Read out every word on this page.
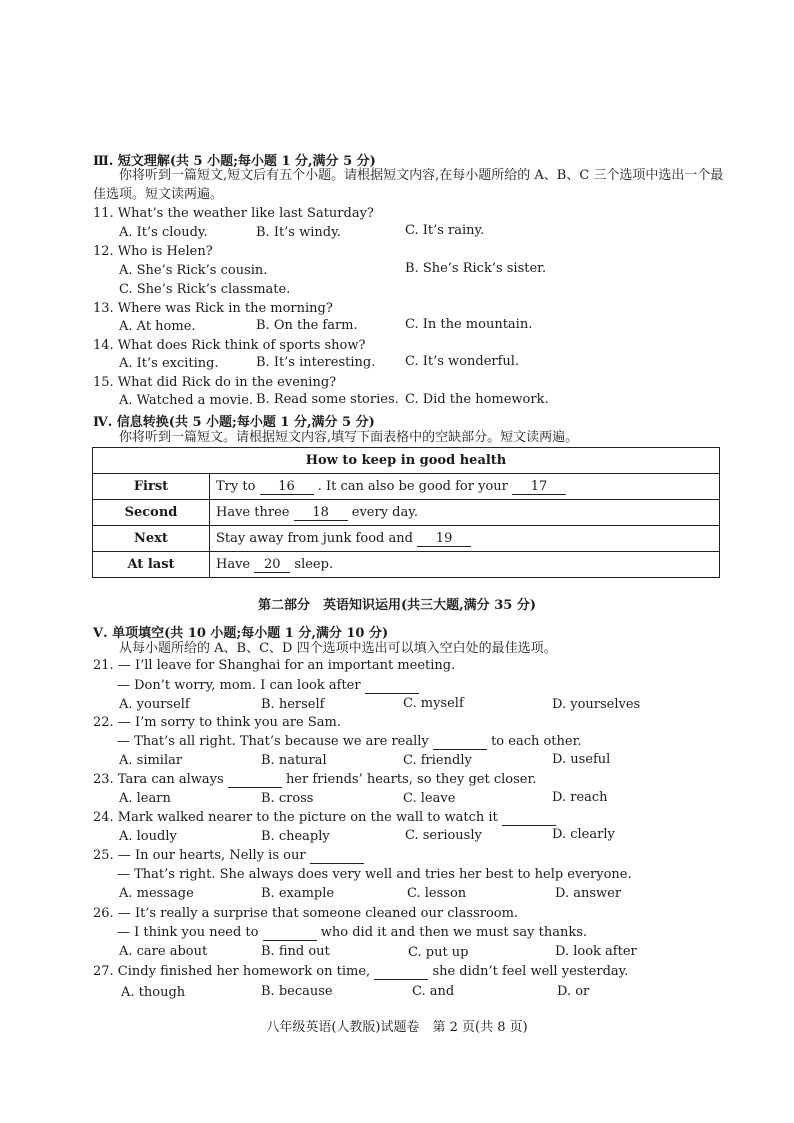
Ⅲ. 短文理解(共 5 小题;每小题 1 分,满分 5 分)
你将听到一篇短文,短文后有五个小题。请根据短文内容,在每小题所给的 A、B、C 三个选项中选出一个最佳选项。短文读两遍。
11. What’s the weather like last Saturday?
A. It’s cloudy.	B. It’s windy.	C. It’s rainy.
12. Who is Helen?
A. She’s Rick’s cousin.	B. She’s Rick’s sister.
C. She’s Rick’s classmate.
13. Where was Rick in the morning?
A. At home.	B. On the farm.	C. In the mountain.
14. What does Rick think of sports show?
A. It’s exciting.	B. It’s interesting. C. It’s wonderful.
15. What did Rick do in the evening?
A. Watched a movie. B. Read some stories. C. Did the homework.
Ⅳ. 信息转换(共 5 小题;每小题 1 分,满分 5 分)
你将听到一篇短文。请根据短文内容,填写下面表格中的空缺部分。短文读两遍。
How to keep in good health	
First	Try to 16 . It can also be good for your 17
Second	Have three 18 every day.
Next	Stay away from junk food and 19
At last	Have 20 sleep.
第二部分　英语知识运用(共三大题,满分 35 分)
Ⅴ. 单项填空(共 10 小题;每小题 1 分,满分 10 分)
从每小题所给的 A、B、C、D 四个选项中选出可以填入空白处的最佳选项。
21. — I’ll leave for Shanghai for an important meeting.
— Don’t worry, mom. I can look after
A. yourself	B. herself	C. myself	D. yourselves
22. — I’m sorry to think you are Sam.
— That’s all right. That’s because we are really	to each other.
A. similar	B. natural	C. friendly	D. useful
23. Tara can always	her friends’ hearts, so they get closer.
A. learn	B. cross	C. leave	D. reach
24. Mark walked nearer to the picture on the wall to watch it
A. loudly	B. cheaply	C. seriously	D. clearly
25. — In our hearts, Nelly is our
— That’s right. She always does very well and tries her best to help everyone.
A. message	B. example	C. lesson	D. answer
26. — It’s really a surprise that someone cleaned our classroom.
— I think you need to	who did it and then we must say thanks.
A. care about	B. find out	C. put up	D. look after
27. Cindy finished her homework on time,	she didn’t feel well yesterday.
A. though	B. because	C. and	D. or
八年级英语(人教版)试题卷　第 2 页(共 8 页)
